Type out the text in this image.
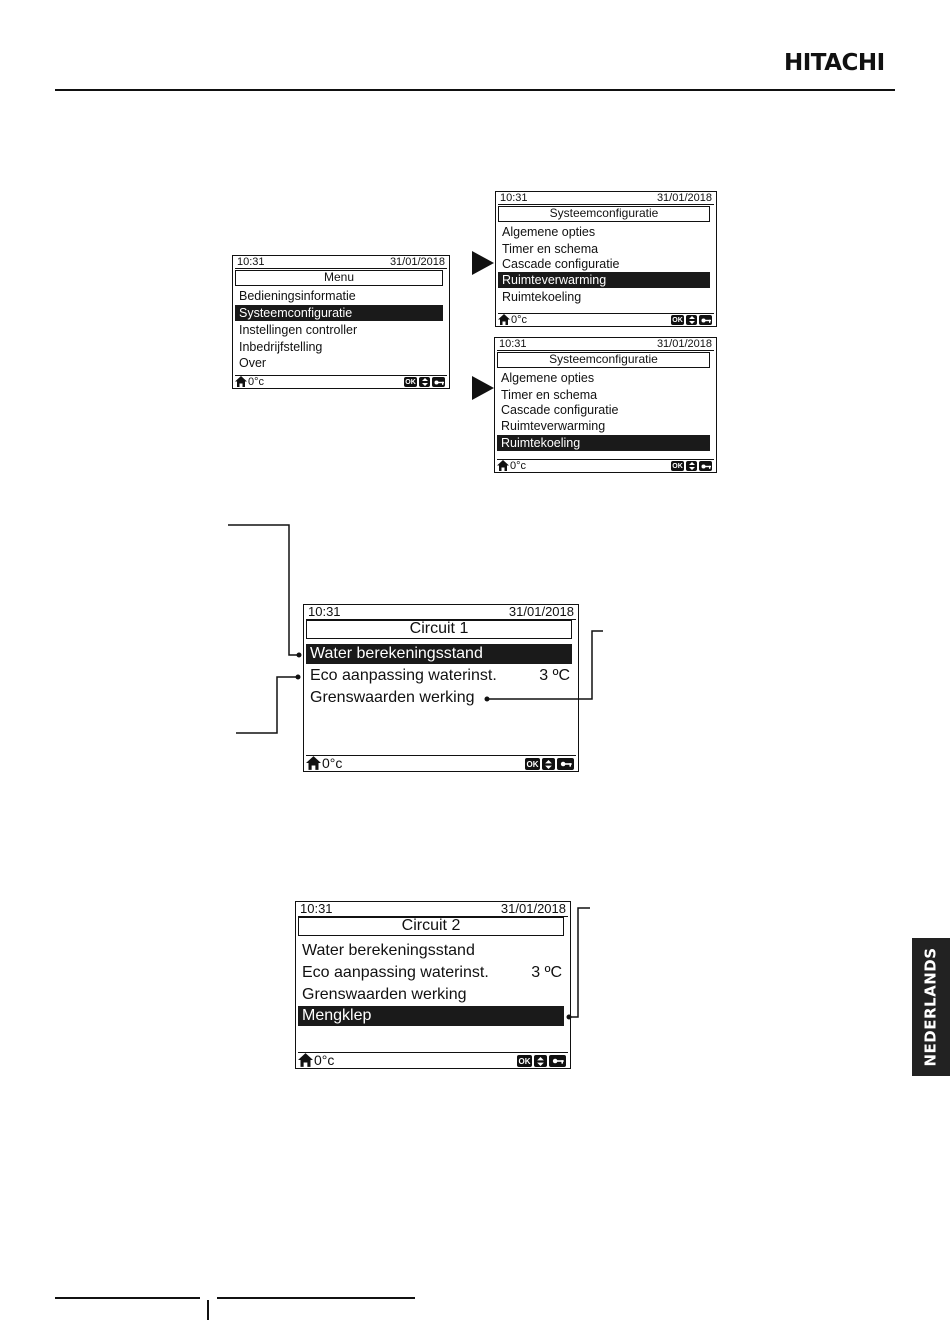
HITACHI
NEDERLANDS
10:31	31/01/2018
Menu
Bedieningsinformatie
Systeemconfiguratie
Instellingen controller
Inbedrijfstelling
Over
0°c	OK
10:31	31/01/2018
Systeemconfiguratie
Algemene opties
Timer en schema
Cascade configuratie
Ruimteverwarming
Ruimtekoeling
0°c	OK
10:31	31/01/2018
Systeemconfiguratie
Algemene opties
Timer en schema
Cascade configuratie
Ruimteverwarming
Ruimtekoeling
0°c	OK
10:31	31/01/2018
Circuit 1
Water berekeningsstand
Eco aanpassing waterinst.	3 ºC
Grenswaarden werking
0°c	OK
10:31	31/01/2018
Circuit 2
Water berekeningsstand
Eco aanpassing waterinst.	3 ºC
Grenswaarden werking
Mengklep
0°c	OK
